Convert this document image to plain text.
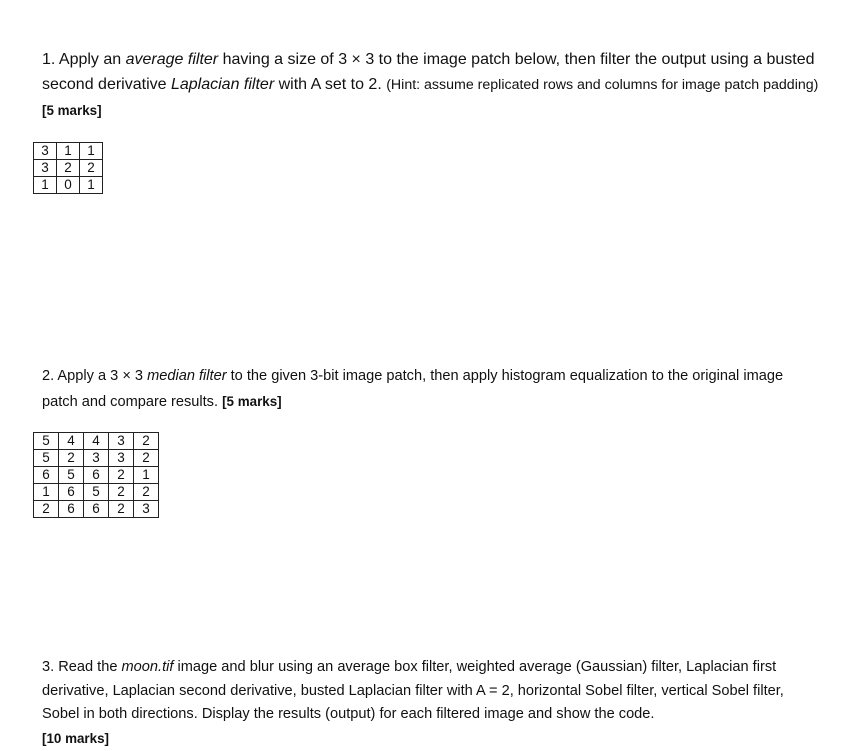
1. Apply an average filter having a size of 3 × 3 to the image patch below, then filter the output using a busted second derivative Laplacian filter with A set to 2. (Hint: assume replicated rows and columns for image patch padding) [5 marks]

3	1	1
3	2	2
1	0	1

2. Apply a 3 × 3 median filter to the given 3-bit image patch, then apply histogram equalization to the original image patch and compare results. [5 marks]

5	4	4	3	2
5	2	3	3	2
6	5	6	2	1
1	6	5	2	2
2	6	6	2	3

3. Read the moon.tif image and blur using an average box filter, weighted average (Gaussian) filter, Laplacian first derivative, Laplacian second derivative, busted Laplacian filter with A = 2, horizontal Sobel filter, vertical Sobel filter, Sobel in both directions. Display the results (output) for each filtered image and show the code.
[10 marks]
